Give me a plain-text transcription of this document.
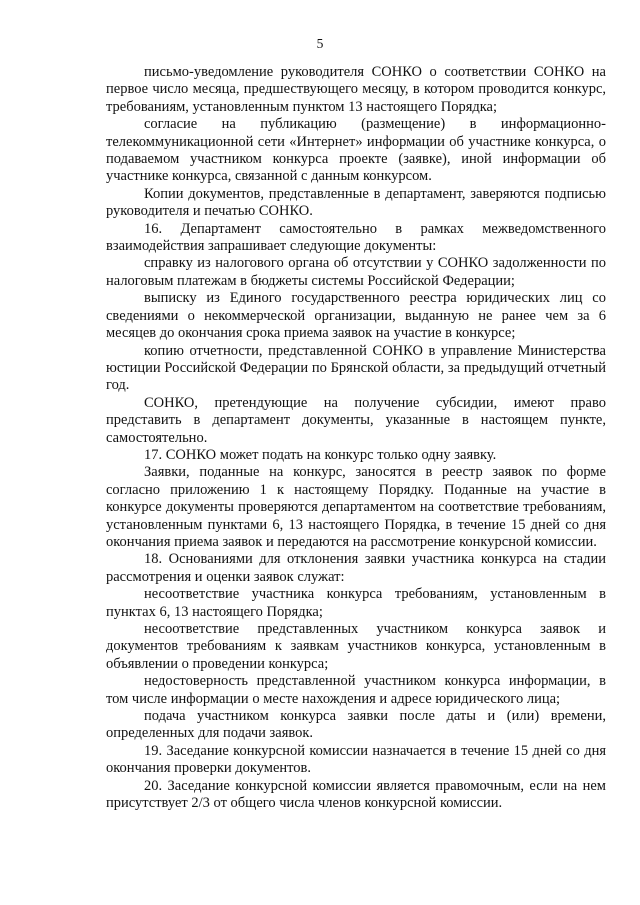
5

письмо-уведомление руководителя СОНКО о соответствии СОНКО на первое число месяца, предшествующего месяцу, в котором проводится конкурс, требованиям, установленным пунктом 13 настоящего Порядка;

согласие на публикацию (размещение) в информационно-телекоммуникационной сети «Интернет» информации об участнике конкурса, о подаваемом участником конкурса проекте (заявке), иной информации об участнике конкурса, связанной с данным конкурсом.

Копии документов, представленные в департамент, заверяются подписью руководителя и печатью СОНКО.

16. Департамент самостоятельно в рамках межведомственного взаимодействия запрашивает следующие документы:

справку из налогового органа об отсутствии у СОНКО задолженности по налоговым платежам в бюджеты системы Российской Федерации;

выписку из Единого государственного реестра юридических лиц со сведениями о некоммерческой организации, выданную не ранее чем за 6 месяцев до окончания срока приема заявок на участие в конкурсе;

копию отчетности, представленной СОНКО в управление Министерства юстиции Российской Федерации по Брянской области, за предыдущий отчетный год.

СОНКО, претендующие на получение субсидии, имеют право представить в департамент документы, указанные в настоящем пункте, самостоятельно.

17. СОНКО может подать на конкурс только одну заявку.

Заявки, поданные на конкурс, заносятся в реестр заявок по форме согласно приложению 1 к настоящему Порядку. Поданные на участие в конкурсе документы проверяются департаментом на соответствие требованиям, установленным пунктами 6, 13 настоящего Порядка, в течение 15 дней со дня окончания приема заявок и передаются на рассмотрение конкурсной комиссии.

18. Основаниями для отклонения заявки участника конкурса на стадии рассмотрения и оценки заявок служат:

несоответствие участника конкурса требованиям, установленным в пунктах 6, 13 настоящего Порядка;

несоответствие представленных участником конкурса заявок и документов требованиям к заявкам участников конкурса, установленным в объявлении о проведении конкурса;

недостоверность представленной участником конкурса информации, в том числе информации о месте нахождения и адресе юридического лица;

подача участником конкурса заявки после даты и (или) времени, определенных для подачи заявок.

19. Заседание конкурсной комиссии назначается в течение 15 дней со дня окончания проверки документов.

20. Заседание конкурсной комиссии является правомочным, если на нем присутствует 2/3 от общего числа членов конкурсной комиссии.
